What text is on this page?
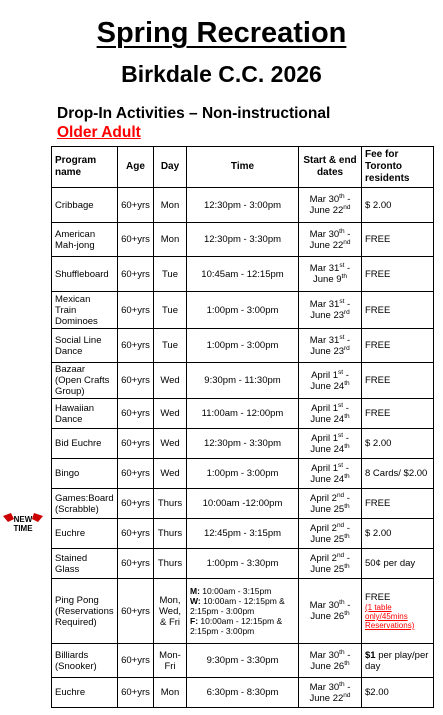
Spring Recreation
Birkdale C.C. 2026
Drop-In Activities – Non-instructional
Older Adult
NEW
TIME
Program name	Age	Day	Time	Start & end dates	Fee for Toronto residents
Cribbage	60+yrs	Mon	12:30pm - 3:00pm	Mar 30th -
June 22nd	$ 2.00
American Mah-jong	60+yrs	Mon	12:30pm - 3:30pm	Mar 30th -
June 22nd	FREE
Shuffleboard	60+yrs	Tue	10:45am - 12:15pm	Mar 31st -
June 9th	FREE
Mexican Train Dominoes	60+yrs	Tue	1:00pm - 3:00pm	Mar 31st -
June 23rd	FREE
Social Line Dance	60+yrs	Tue	1:00pm - 3:00pm	Mar 31st -
June 23rd	FREE
Bazaar (Open Crafts Group)	60+yrs	Wed	9:30pm - 11:30pm	April 1st -
June 24th	FREE
Hawaiian Dance	60+yrs	Wed	11:00am - 12:00pm	April 1st -
June 24th	FREE
Bid Euchre	60+yrs	Wed	12:30pm - 3:30pm	April 1st -
June 24th	$ 2.00
Bingo	60+yrs	Wed	1:00pm - 3:00pm	April 1st -
June 24th	8 Cards/ $2.00
Games:Board (Scrabble)	60+yrs	Thurs	10:00am -12:00pm	April 2nd -
June 25th	FREE
Euchre	60+yrs	Thurs	12:45pm - 3:15pm	April 2nd -
June 25th	$ 2.00
Stained Glass	60+yrs	Thurs	1:00pm - 3:30pm	April 2nd -
June 25th	50¢ per day
Ping Pong (Reservations Required)	60+yrs	Mon, Wed, & Fri	M: 10:00am - 3:15pm
W: 10:00am - 12:15pm & 2:15pm - 3:00pm
F: 10:00am - 12:15pm & 2:15pm - 3:00pm	Mar 30th -
June 26th	FREE
(1 table only/45mins Reservations)

Billiards (Snooker)	60+yrs	Mon-Fri	9:30pm - 3:30pm	Mar 30th -
June 26th	$1 per play/per day
Euchre	60+yrs	Mon	6:30pm - 8:30pm	Mar 30th -
June 22nd	$2.00
